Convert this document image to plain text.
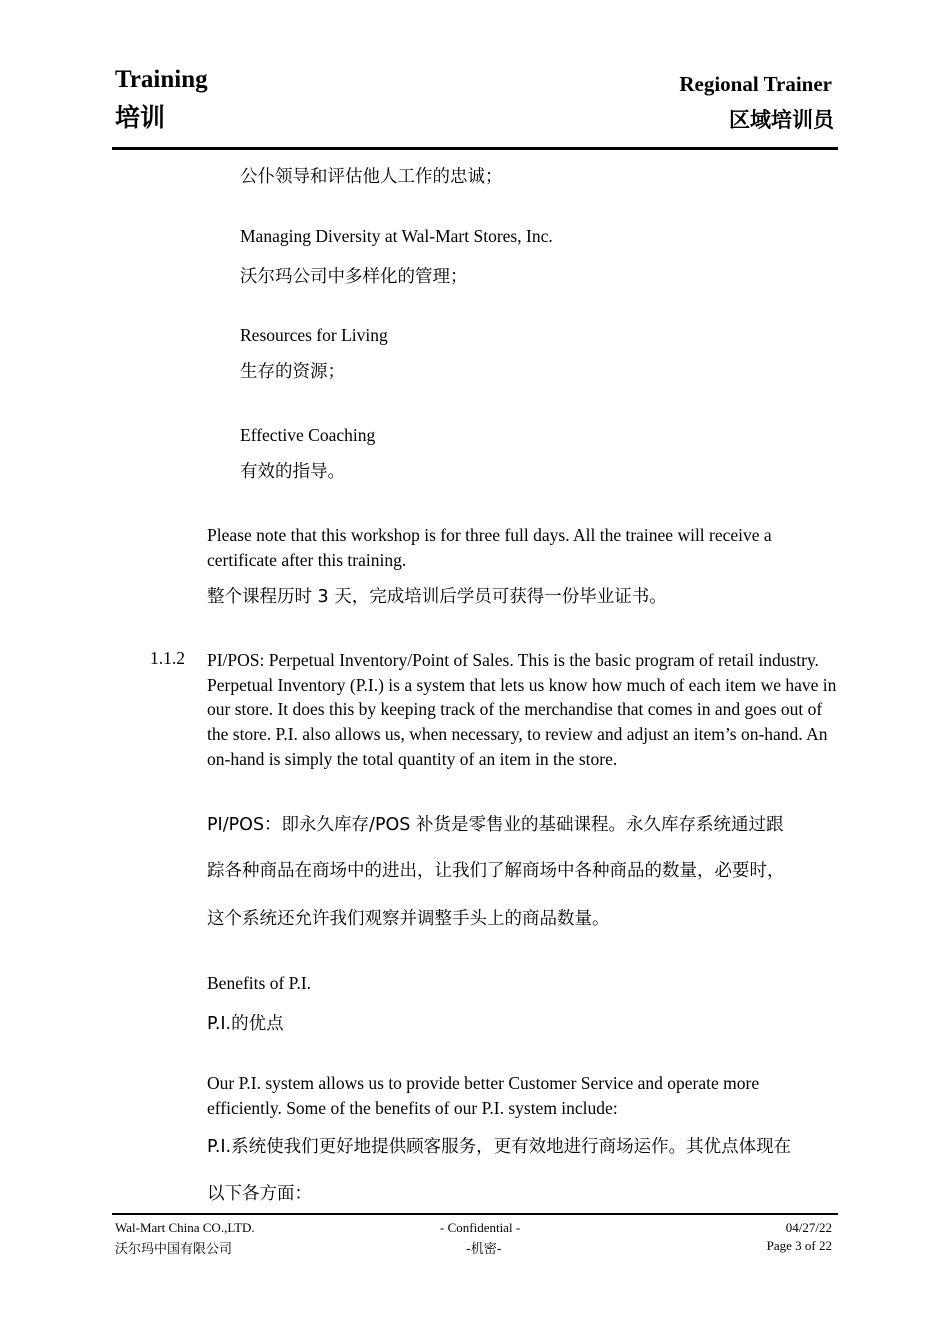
Training
培训
Regional Trainer
区域培训员
公仆领导和评估他人工作的忠诚；
Managing Diversity at Wal-Mart Stores, Inc.
沃尔玛公司中多样化的管理；
Resources for Living
生存的资源；
Effective Coaching
有效的指导。
Please note that this workshop is for three full days. All the trainee will receive a certificate after this training.
整个课程历时 3 天，完成培训后学员可获得一份毕业证书。
1.1.2 PI/POS: Perpetual Inventory/Point of Sales. This is the basic program of retail industry. Perpetual Inventory (P.I.) is a system that lets us know how much of each item we have in our store. It does this by keeping track of the merchandise that comes in and goes out of the store. P.I. also allows us, when necessary, to review and adjust an item’s on-hand. An on-hand is simply the total quantity of an item in the store.
PI/POS：即永久库存/POS 补货是零售业的基础课程。永久库存系统通过跟
踪各种商品在商场中的进出，让我们了解商场中各种商品的数量，必要时，
这个系统还允许我们观察并调整手头上的商品数量。
Benefits of P.I.
P.I.的优点
Our P.I. system allows us to provide better Customer Service and operate more efficiently. Some of the benefits of our P.I. system include:
P.I.系统使我们更好地提供顾客服务，更有效地进行商场运作。其优点体现在
以下各方面：
Wal-Mart China CO.,LTD.
沃尔玛中国有限公司
- Confidential -
-机密-
04/27/22
Page 3 of 22
